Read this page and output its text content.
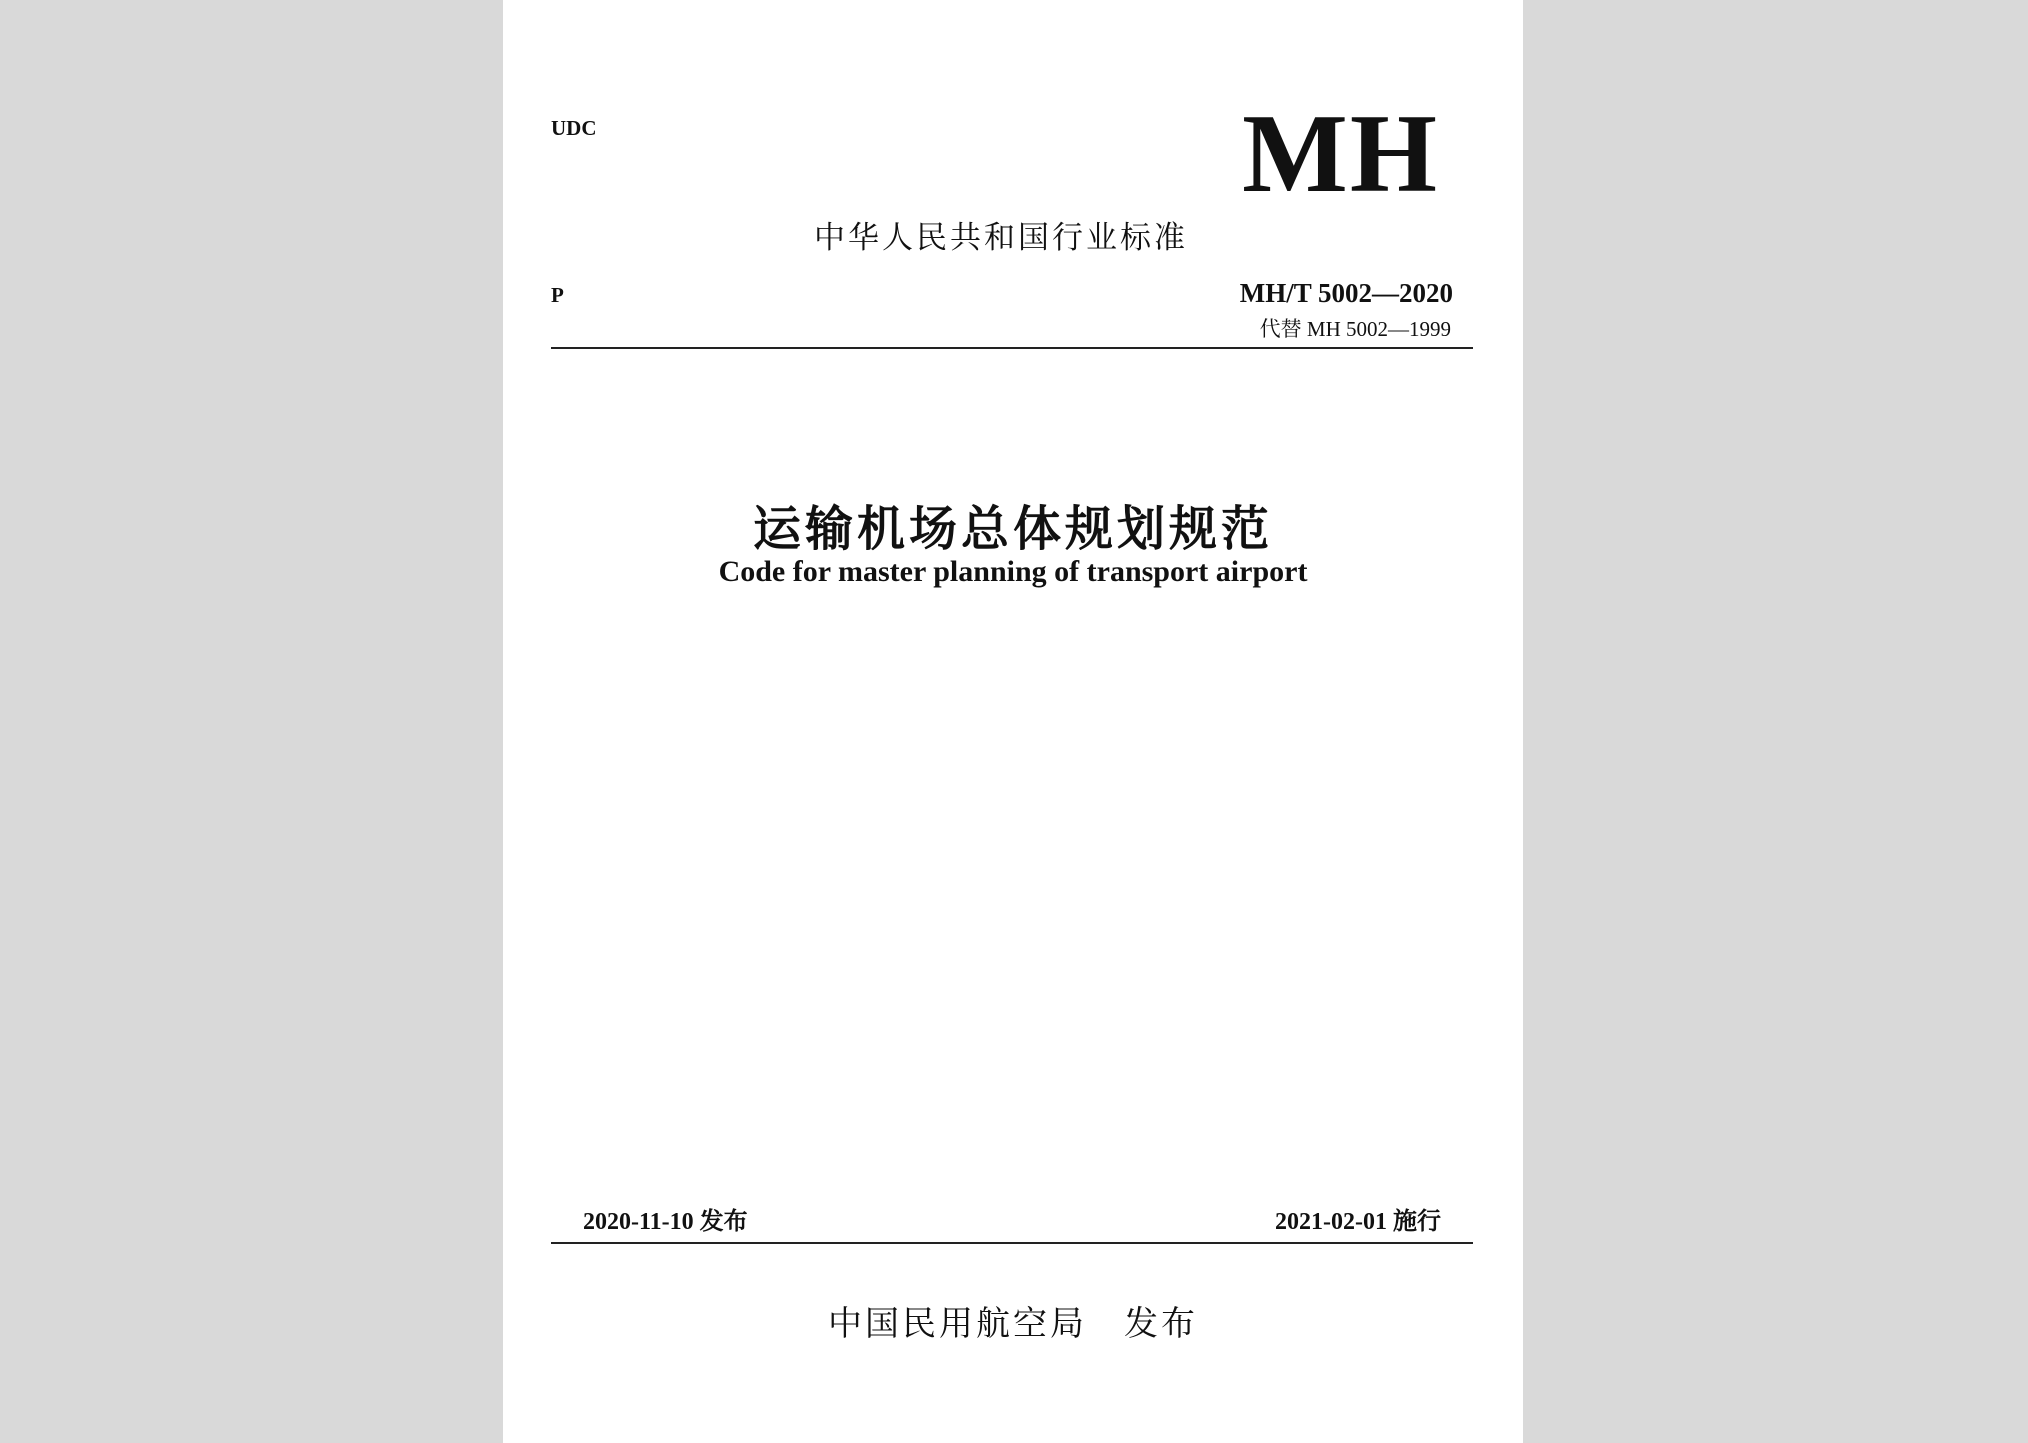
UDC	MH

中华人民共和国行业标准

P	MH/T 5002—2020

代替 MH 5002—1999

运输机场总体规划规范

Code for master planning of transport airport

2020-11-10 发布	2021-02-01 施行

中国民用航空局　发布
